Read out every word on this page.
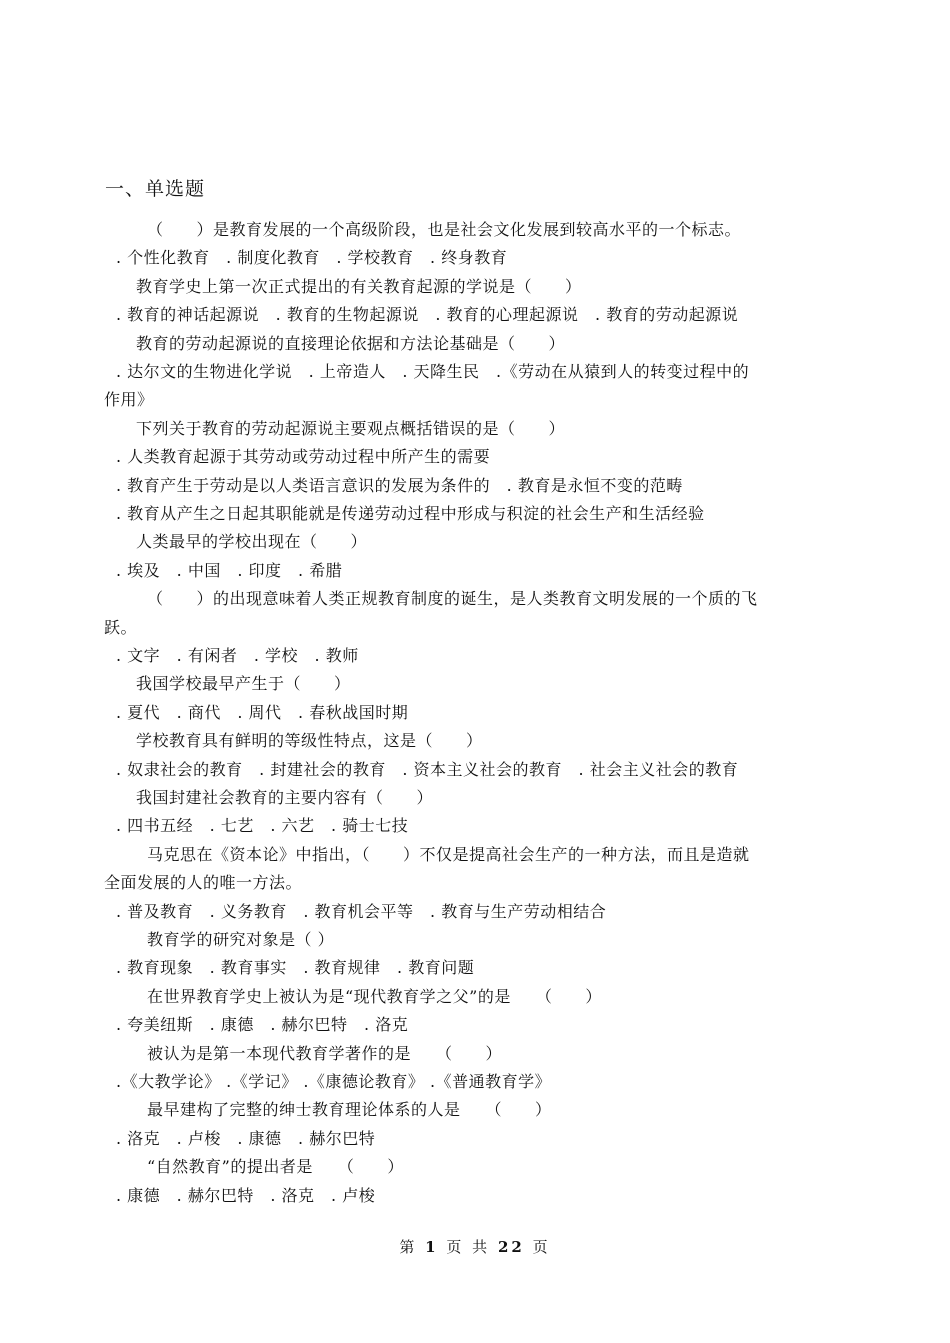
一、单选题
（　　）是教育发展的一个高级阶段，也是社会文化发展到较高水平的一个标志。
. 个性化教育　. 制度化教育　. 学校教育　. 终身教育
教育学史上第一次正式提出的有关教育起源的学说是（　　）
. 教育的神话起源说　. 教育的生物起源说　. 教育的心理起源说　. 教育的劳动起源说
教育的劳动起源说的直接理论依据和方法论基础是（　　）
. 达尔文的生物进化学说　. 上帝造人　. 天降生民　.《劳动在从猿到人的转变过程中的
作用》
下列关于教育的劳动起源说主要观点概括错误的是（　　）
. 人类教育起源于其劳动或劳动过程中所产生的需要
. 教育产生于劳动是以人类语言意识的发展为条件的　. 教育是永恒不变的范畴
. 教育从产生之日起其职能就是传递劳动过程中形成与积淀的社会生产和生活经验
人类最早的学校出现在（　　）
. 埃及　. 中国　. 印度　. 希腊
（　　）的出现意味着人类正规教育制度的诞生，是人类教育文明发展的一个质的飞
跃。
. 文字　. 有闲者　. 学校　. 教师
我国学校最早产生于（　　）
. 夏代　. 商代　. 周代　. 春秋战国时期
学校教育具有鲜明的等级性特点，这是（　　）
. 奴隶社会的教育　. 封建社会的教育　. 资本主义社会的教育　. 社会主义社会的教育
我国封建社会教育的主要内容有（　　）
. 四书五经　. 七艺　. 六艺　. 骑士七技
马克思在《资本论》中指出，（　　）不仅是提高社会生产的一种方法，而且是造就
全面发展的人的唯一方法。
. 普及教育　. 义务教育　. 教育机会平等　. 教育与生产劳动相结合
教育学的研究对象是（ ）
. 教育现象　. 教育事实　. 教育规律　. 教育问题
在世界教育学史上被认为是“现代教育学之父”的是　　（　　）
. 夸美纽斯　. 康德　. 赫尔巴特　. 洛克
被认为是第一本现代教育学著作的是　　（　　）
.《大教学论》 .《学记》 .《康德论教育》 .《普通教育学》
最早建构了完整的绅士教育理论体系的人是　　（　　）
. 洛克　. 卢梭　. 康德　. 赫尔巴特
“自然教育”的提出者是　　（　　）
. 康德　. 赫尔巴特　. 洛克　. 卢梭
第 1 页 共 22 页
